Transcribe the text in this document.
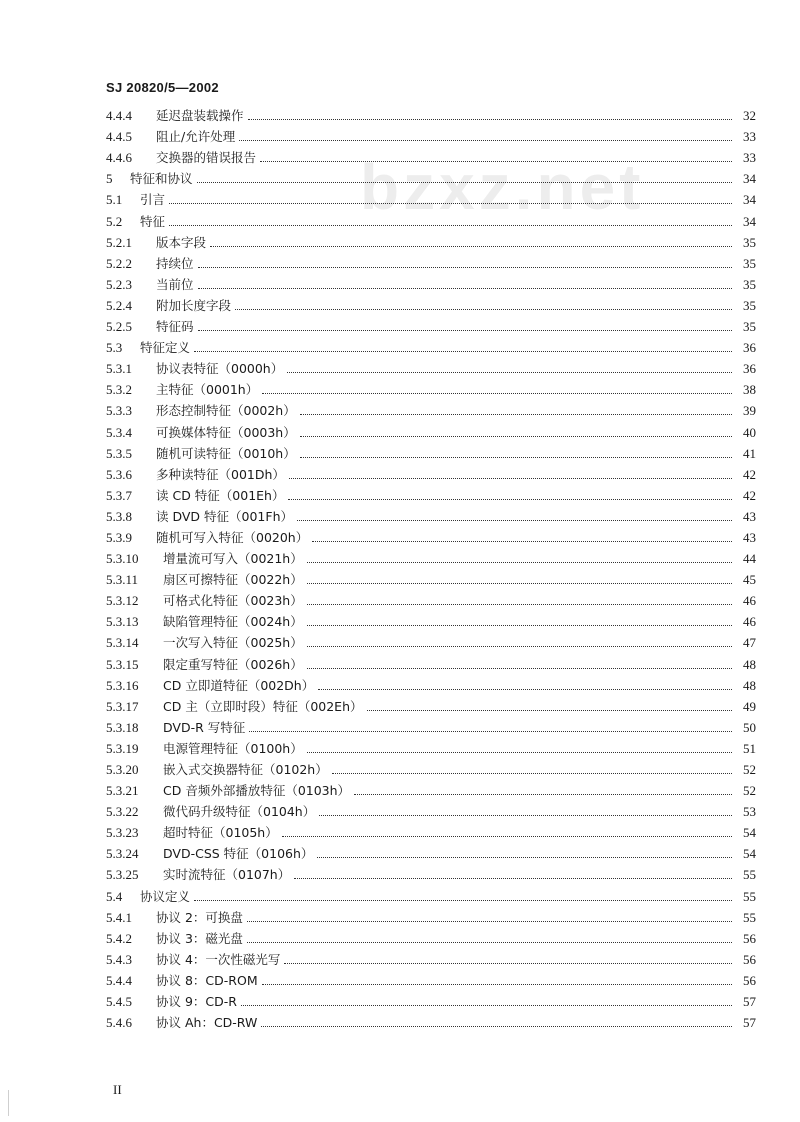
SJ 20820/5—2002
bzxz.net
4.4.4	延迟盘装载操作	32
4.4.5	阻止/允许处理	33
4.4.6	交换器的错误报告	33
5	特征和协议	34
5.1	引言	34
5.2	特征	34
5.2.1	版本字段	35
5.2.2	持续位	35
5.2.3	当前位	35
5.2.4	附加长度字段	35
5.2.5	特征码	35
5.3	特征定义	36
5.3.1	协议表特征（0000h）	36
5.3.2	主特征（0001h）	38
5.3.3	形态控制特征（0002h）	39
5.3.4	可换媒体特征（0003h）	40
5.3.5	随机可读特征（0010h）	41
5.3.6	多种读特征（001Dh）	42
5.3.7	读 CD 特征（001Eh）	42
5.3.8	读 DVD 特征（001Fh）	43
5.3.9	随机可写入特征（0020h）	43
5.3.10	增量流可写入（0021h）	44
5.3.11	扇区可擦特征（0022h）	45
5.3.12	可格式化特征（0023h）	46
5.3.13	缺陷管理特征（0024h）	46
5.3.14	一次写入特征（0025h）	47
5.3.15	限定重写特征（0026h）	48
5.3.16	CD 立即道特征（002Dh）	48
5.3.17	CD 主（立即时段）特征（002Eh）	49
5.3.18	DVD-R 写特征	50
5.3.19	电源管理特征（0100h）	51
5.3.20	嵌入式交换器特征（0102h）	52
5.3.21	CD 音频外部播放特征（0103h）	52
5.3.22	微代码升级特征（0104h）	53
5.3.23	超时特征（0105h）	54
5.3.24	DVD-CSS 特征（0106h）	54
5.3.25	实时流特征（0107h）	55
5.4	协议定义	55
5.4.1	协议 2：可换盘	55
5.4.2	协议 3：磁光盘	56
5.4.3	协议 4：一次性磁光写	56
5.4.4	协议 8：CD-ROM	56
5.4.5	协议 9：CD-R	57
5.4.6	协议 Ah：CD-RW	57
II
